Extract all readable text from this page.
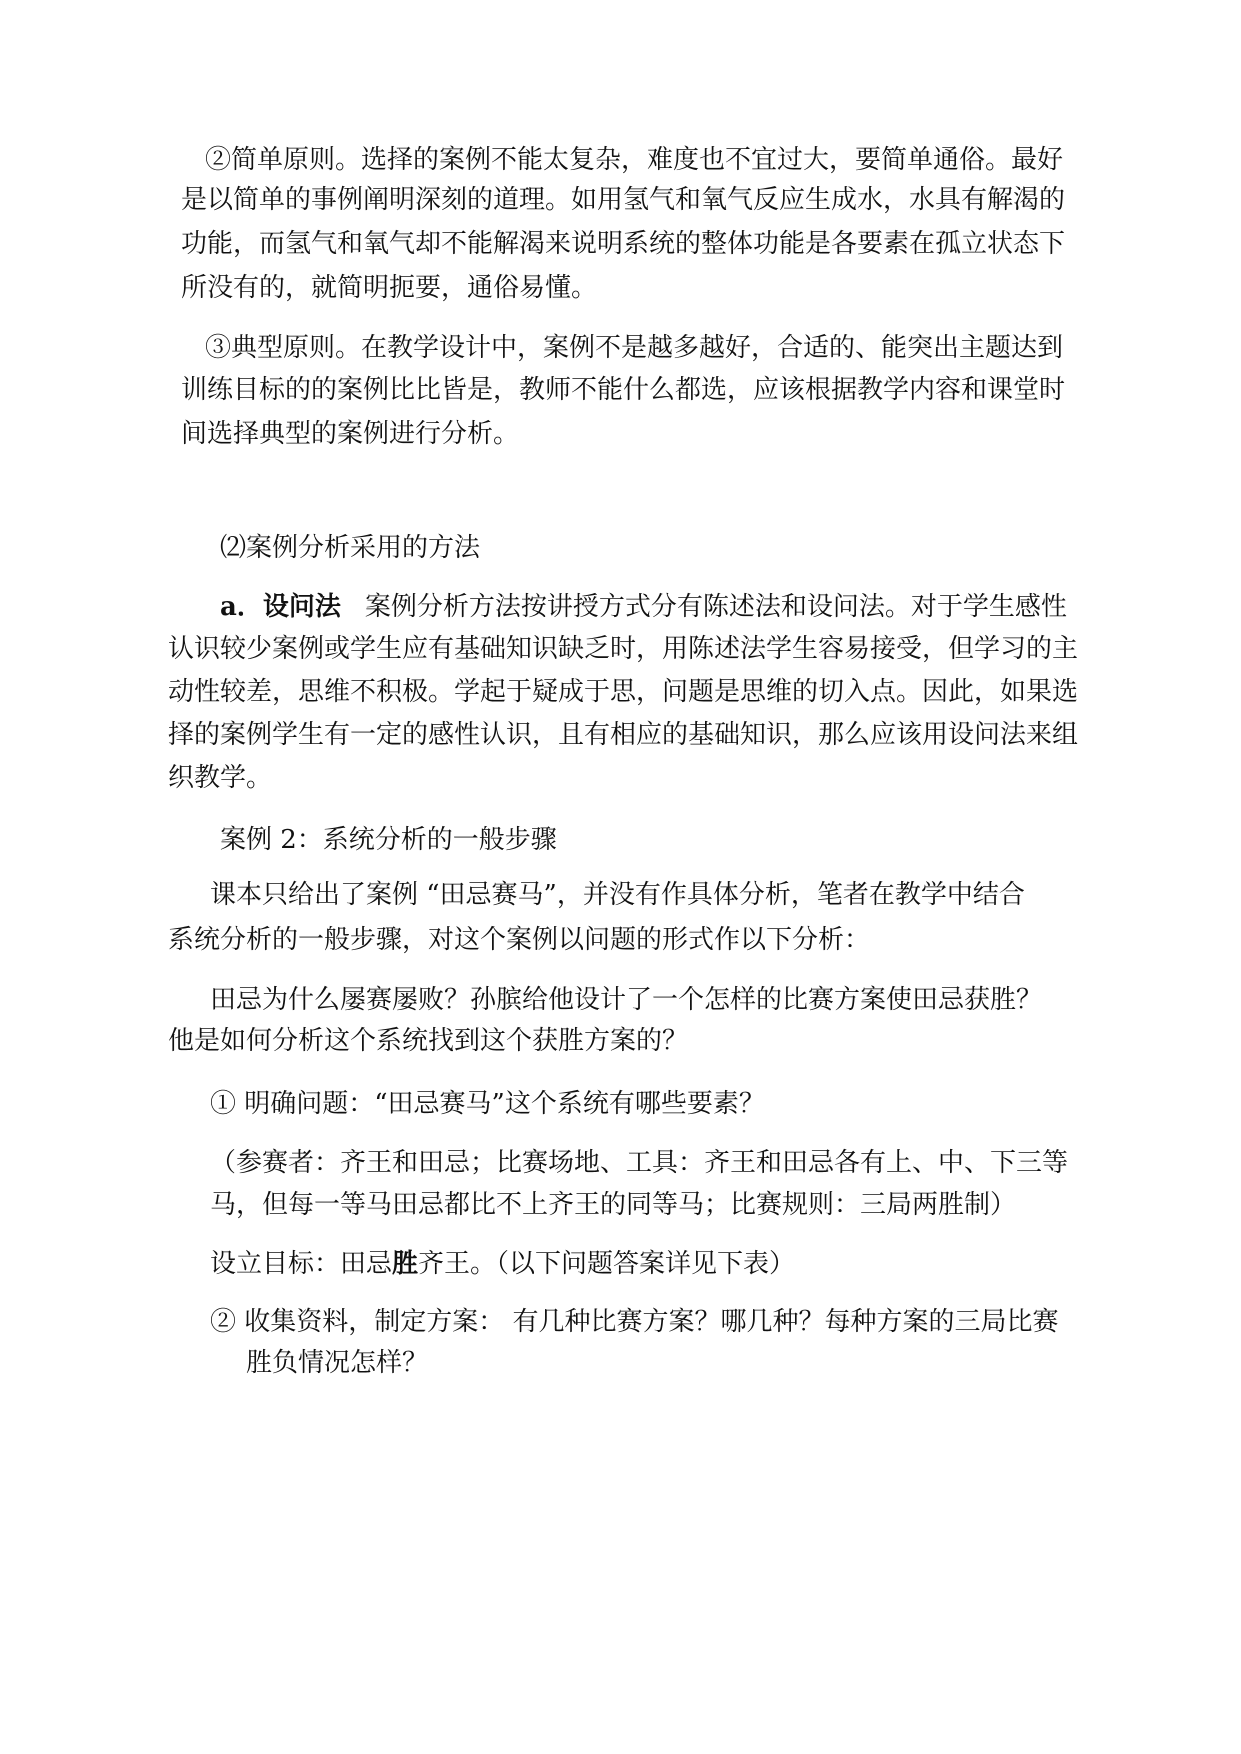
②简单原则。选择的案例不能太复杂，难度也不宜过大，要简单通俗。最好
是以简单的事例阐明深刻的道理。如用氢气和氧气反应生成水，水具有解渴的
功能，而氢气和氧气却不能解渴来说明系统的整体功能是各要素在孤立状态下
所没有的，就简明扼要，通俗易懂。
③典型原则。在教学设计中，案例不是越多越好，合适的、能突出主题达到
训练目标的的案例比比皆是，教师不能什么都选，应该根据教学内容和课堂时
间选择典型的案例进行分析。
⑵案例分析采用的方法
a．设问法 案例分析方法按讲授方式分有陈述法和设问法。对于学生感性
认识较少案例或学生应有基础知识缺乏时，用陈述法学生容易接受，但学习的主
动性较差，思维不积极。学起于疑成于思，问题是思维的切入点。因此，如果选
择的案例学生有一定的感性认识，且有相应的基础知识，那么应该用设问法来组
织教学。
案例 2：系统分析的一般步骤
课本只给出了案例 “田忌赛马”，并没有作具体分析，笔者在教学中结合
系统分析的一般步骤，对这个案例以问题的形式作以下分析：
田忌为什么屡赛屡败？孙膑给他设计了一个怎样的比赛方案使田忌获胜？
他是如何分析这个系统找到这个获胜方案的？
① 明确问题：“田忌赛马”这个系统有哪些要素？
（参赛者：齐王和田忌；比赛场地、工具：齐王和田忌各有上、中、下三等
马，但每一等马田忌都比不上齐王的同等马；比赛规则：三局两胜制）
设立目标：田忌胜齐王。（以下问题答案详见下表）
② 收集资料，制定方案： 有几种比赛方案？哪几种？每种方案的三局比赛
胜负情况怎样？
